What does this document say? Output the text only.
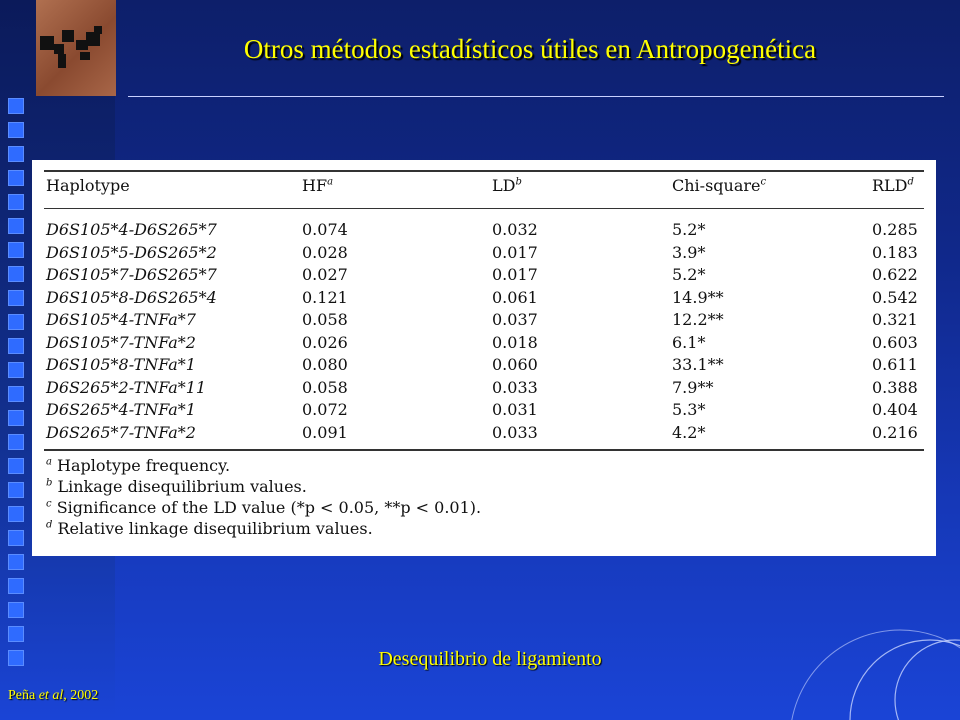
Otros métodos estadísticos útiles en Antropogenética
Haplotype	$HF^a$	$LD^b$	Chi-square$^c$	RLD$^d$
D6S105*4-D6S265*7	0.074	0.032	5.2*	0.285
D6S105*5-D6S265*2	0.028	0.017	3.9*	0.183
D6S105*7-D6S265*7	0.027	0.017	5.2*	0.622
D6S105*8-D6S265*4	0.121	0.061	14.9**	0.542
D6S105*4-TNFa*7	0.058	0.037	12.2**	0.321
D6S105*7-TNFa*2	0.026	0.018	6.1*	0.603
D6S105*8-TNFa*1	0.080	0.060	33.1**	0.611
D6S265*2-TNFa*11	0.058	0.033	7.9**	0.388
D6S265*4-TNFa*1	0.072	0.031	5.3*	0.404
D6S265*7-TNFa*2	0.091	0.033	4.2*	0.216
$^a$ Haplotype frequency.
$^b$ Linkage disequilibrium values.
$^c$ Significance of the LD value (*p < 0.05, **p < 0.01).
$^d$ Relative linkage disequilibrium values.
Desequilibrio de ligamiento
Peña et al, 2002
